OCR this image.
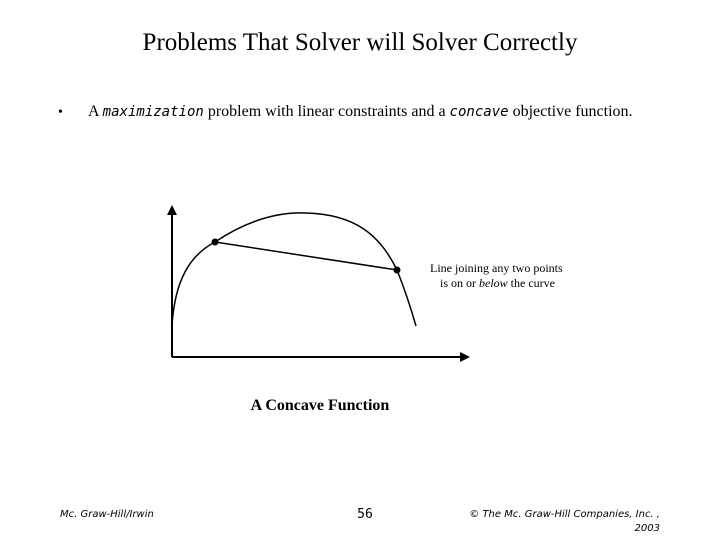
Problems That Solver will Solver Correctly
• A maximization problem with linear constraints and a concave objective function.
Line joining any two points
is on or below the curve
A Concave Function
Mc. Graw-Hill/Irwin	56	© The Mc. Graw-Hill Companies, Inc. , 2003
